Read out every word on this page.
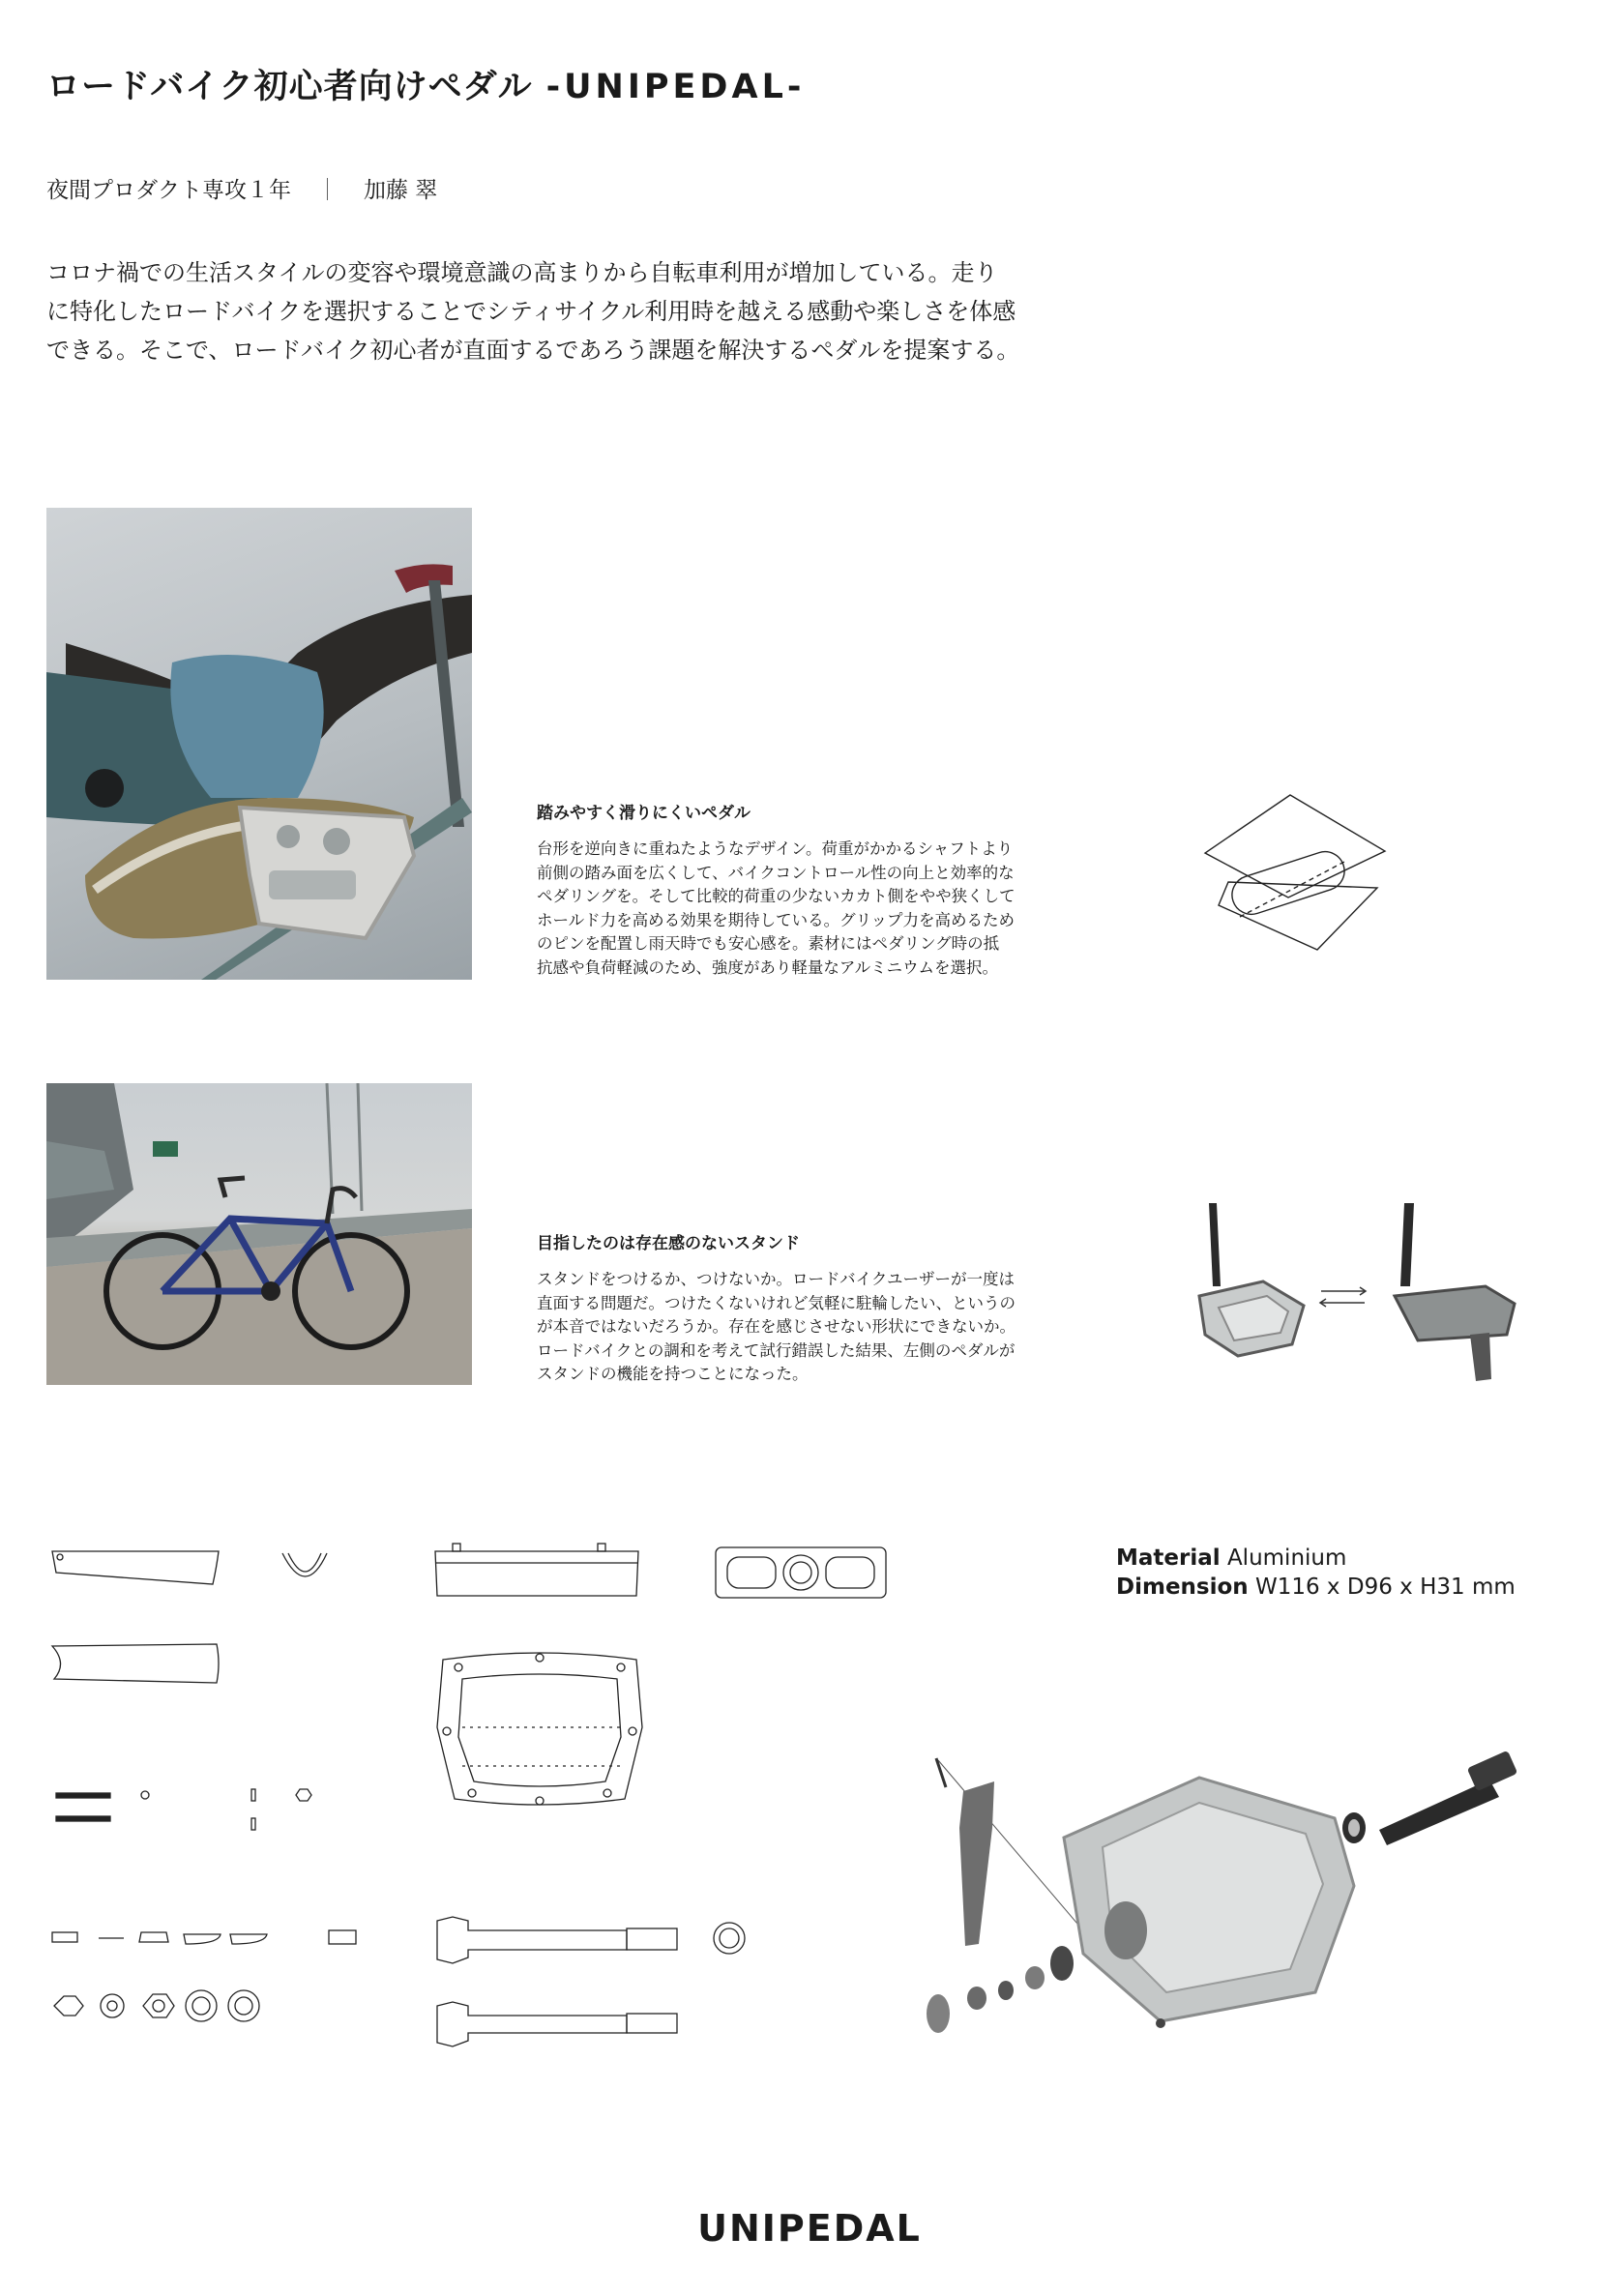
ロードバイク初心者向けペダル -UNIPEDAL-
夜間プロダクト専攻１年 ｜ 加藤 翠
コロナ禍での生活スタイルの変容や環境意識の高まりから自転車利用が増加している。走り
に特化したロードバイクを選択することでシティサイクル利用時を越える感動や楽しさを体感
できる。そこで、ロードバイク初心者が直面するであろう課題を解決するペダルを提案する。
踏みやすく滑りにくいペダル
台形を逆向きに重ねたようなデザイン。荷重がかかるシャフトより
前側の踏み面を広くして、バイクコントロール性の向上と効率的な
ペダリングを。そして比較的荷重の少ないカカト側をやや狭くして
ホールド力を高める効果を期待している。グリップ力を高めるため
のピンを配置し雨天時でも安心感を。素材にはペダリング時の抵
抗感や負荷軽減のため、強度があり軽量なアルミニウムを選択。
目指したのは存在感のないスタンド
スタンドをつけるか、つけないか。ロードバイクユーザーが一度は
直面する問題だ。つけたくないけれど気軽に駐輪したい、というの
が本音ではないだろうか。存在を感じさせない形状にできないか。
ロードバイクとの調和を考えて試行錯誤した結果、左側のペダルが
スタンドの機能を持つことになった。
Material Aluminium
Dimension W116 x D96 x H31 mm
UNIPEDAL
